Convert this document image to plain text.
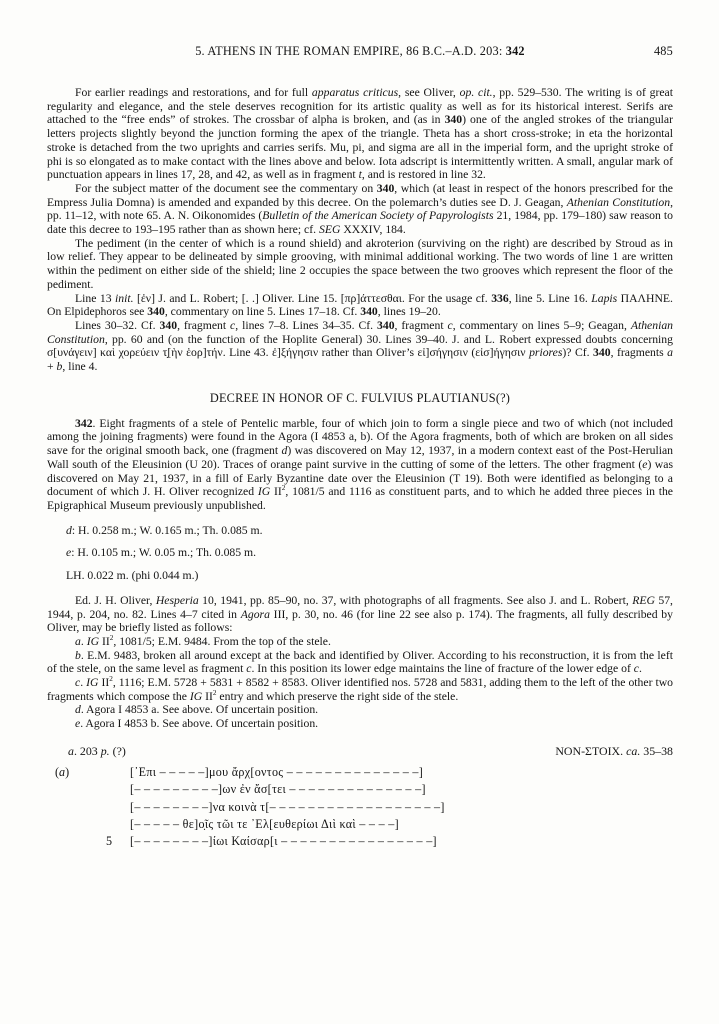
5. ATHENS IN THE ROMAN EMPIRE, 86 B.C.–A.D. 203: 342	485

For earlier readings and restorations, and for full apparatus criticus, see Oliver, op. cit., pp. 529–530. The writing is of great regularity and elegance, and the stele deserves recognition for its artistic quality as well as for its historical interest. Serifs are attached to the “free ends” of strokes. The crossbar of alpha is broken, and (as in 340) one of the angled strokes of the triangular letters projects slightly beyond the junction forming the apex of the triangle. Theta has a short cross-stroke; in eta the horizontal stroke is detached from the two uprights and carries serifs. Mu, pi, and sigma are all in the imperial form, and the upright stroke of phi is so elongated as to make contact with the lines above and below. Iota adscript is intermittently written. A small, angular mark of punctuation appears in lines 17, 28, and 42, as well as in fragment t, and is restored in line 32.

For the subject matter of the document see the commentary on 340, which (at least in respect of the honors prescribed for the Empress Julia Domna) is amended and expanded by this decree. On the polemarch’s duties see D. J. Geagan, Athenian Constitution, pp. 11–12, with note 65. A. N. Oikonomides (Bulletin of the American Society of Papyrologists 21, 1984, pp. 179–180) saw reason to date this decree to 193–195 rather than as shown here; cf. SEG XXXIV, 184.

The pediment (in the center of which is a round shield) and akroterion (surviving on the right) are described by Stroud as in low relief. They appear to be delineated by simple grooving, with minimal additional working. The two words of line 1 are written within the pediment on either side of the shield; line 2 occupies the space between the two grooves which represent the floor of the pediment.

Line 13 init. [ἐν] J. and L. Robert; [. .] Oliver. Line 15. [πρ]άττεσθαι. For the usage cf. 336, line 5. Line 16. Lapis ΠΑΛΗΝΕ. On Elpidephoros see 340, commentary on line 5. Lines 17–18. Cf. 340, lines 19–20.

Lines 30–32. Cf. 340, fragment c, lines 7–8. Lines 34–35. Cf. 340, fragment c, commentary on lines 5–9; Geagan, Athenian Constitution, pp. 60 and (on the function of the Hoplite General) 30. Lines 39–40. J. and L. Robert expressed doubts concerning σ[υνάγειν] καὶ χορεύειν τ̣[ὴν ἑορ]τήν. Line 43. ἐ]ξήγησιν rather than Oliver’s εἰ]σήγησιν (εἰσ]ήγησιν priores)? Cf. 340, fragments a + b, line 4.

DECREE IN HONOR OF C. FULVIUS PLAUTIANUS(?)

342. Eight fragments of a stele of Pentelic marble, four of which join to form a single piece and two of which (not included among the joining fragments) were found in the Agora (I 4853 a, b). Of the Agora fragments, both of which are broken on all sides save for the original smooth back, one (fragment d) was discovered on May 12, 1937, in a modern context east of the Post-Herulian Wall south of the Eleusinion (U 20). Traces of orange paint survive in the cutting of some of the letters. The other fragment (e) was discovered on May 21, 1937, in a fill of Early Byzantine date over the Eleusinion (T 19). Both were identified as belonging to a document of which J. H. Oliver recognized IG $II^2$, 1081/5 and 1116 as constituent parts, and to which he added three pieces in the Epigraphical Museum previously unpublished.

d: H. 0.258 m.; W. 0.165 m.; Th. 0.085 m.
e: H. 0.105 m.; W. 0.05 m.; Th. 0.085 m.
LH. 0.022 m. (phi 0.044 m.)

Ed. J. H. Oliver, Hesperia 10, 1941, pp. 85–90, no. 37, with photographs of all fragments. See also J. and L. Robert, REG 57, 1944, p. 204, no. 82. Lines 4–7 cited in Agora III, p. 30, no. 46 (for line 22 see also p. 174). The fragments, all fully described by Oliver, may be briefly listed as follows:

a. IG $II^2$, 1081/5; E.M. 9484. From the top of the stele.

b. E.M. 9483, broken all around except at the back and identified by Oliver. According to his reconstruction, it is from the left of the stele, on the same level as fragment c. In this position its lower edge maintains the line of fracture of the lower edge of c.

c. IG $II^2$, 1116; E.M. 5728 + 5831 + 8582 + 8583. Oliver identified nos. 5728 and 5831, adding them to the left of the other two fragments which compose the IG $II^2$ entry and which preserve the right side of the stele.

d. Agora I 4853 a. See above. Of uncertain position.

e. Agora I 4853 b. See above. Of uncertain position.

a. 203 p. (?)	NON-ΣΤΟΙΧ. ca. 35–38
(a)	[᾿Επι – – – – –]μου ἄρχ[οντος – – – – – – – – – – – – – –]
[– – – – – – – – –]ων ἐν ἄσ[τει – – – – – – – – – – – – – –]
[– – – – – – – –]να κοινὰ τ[– – – – – – – – – – – – – – – – – –]
[– – – – – θε]ο̣ῖς τῶι τε ᾿Ελ[ευθερίωι Διὶ καὶ – – – –]
5	[– – – – – – – –]ίωι Καίσαρ[ι – – – – – – – – – – – – – – – –]
